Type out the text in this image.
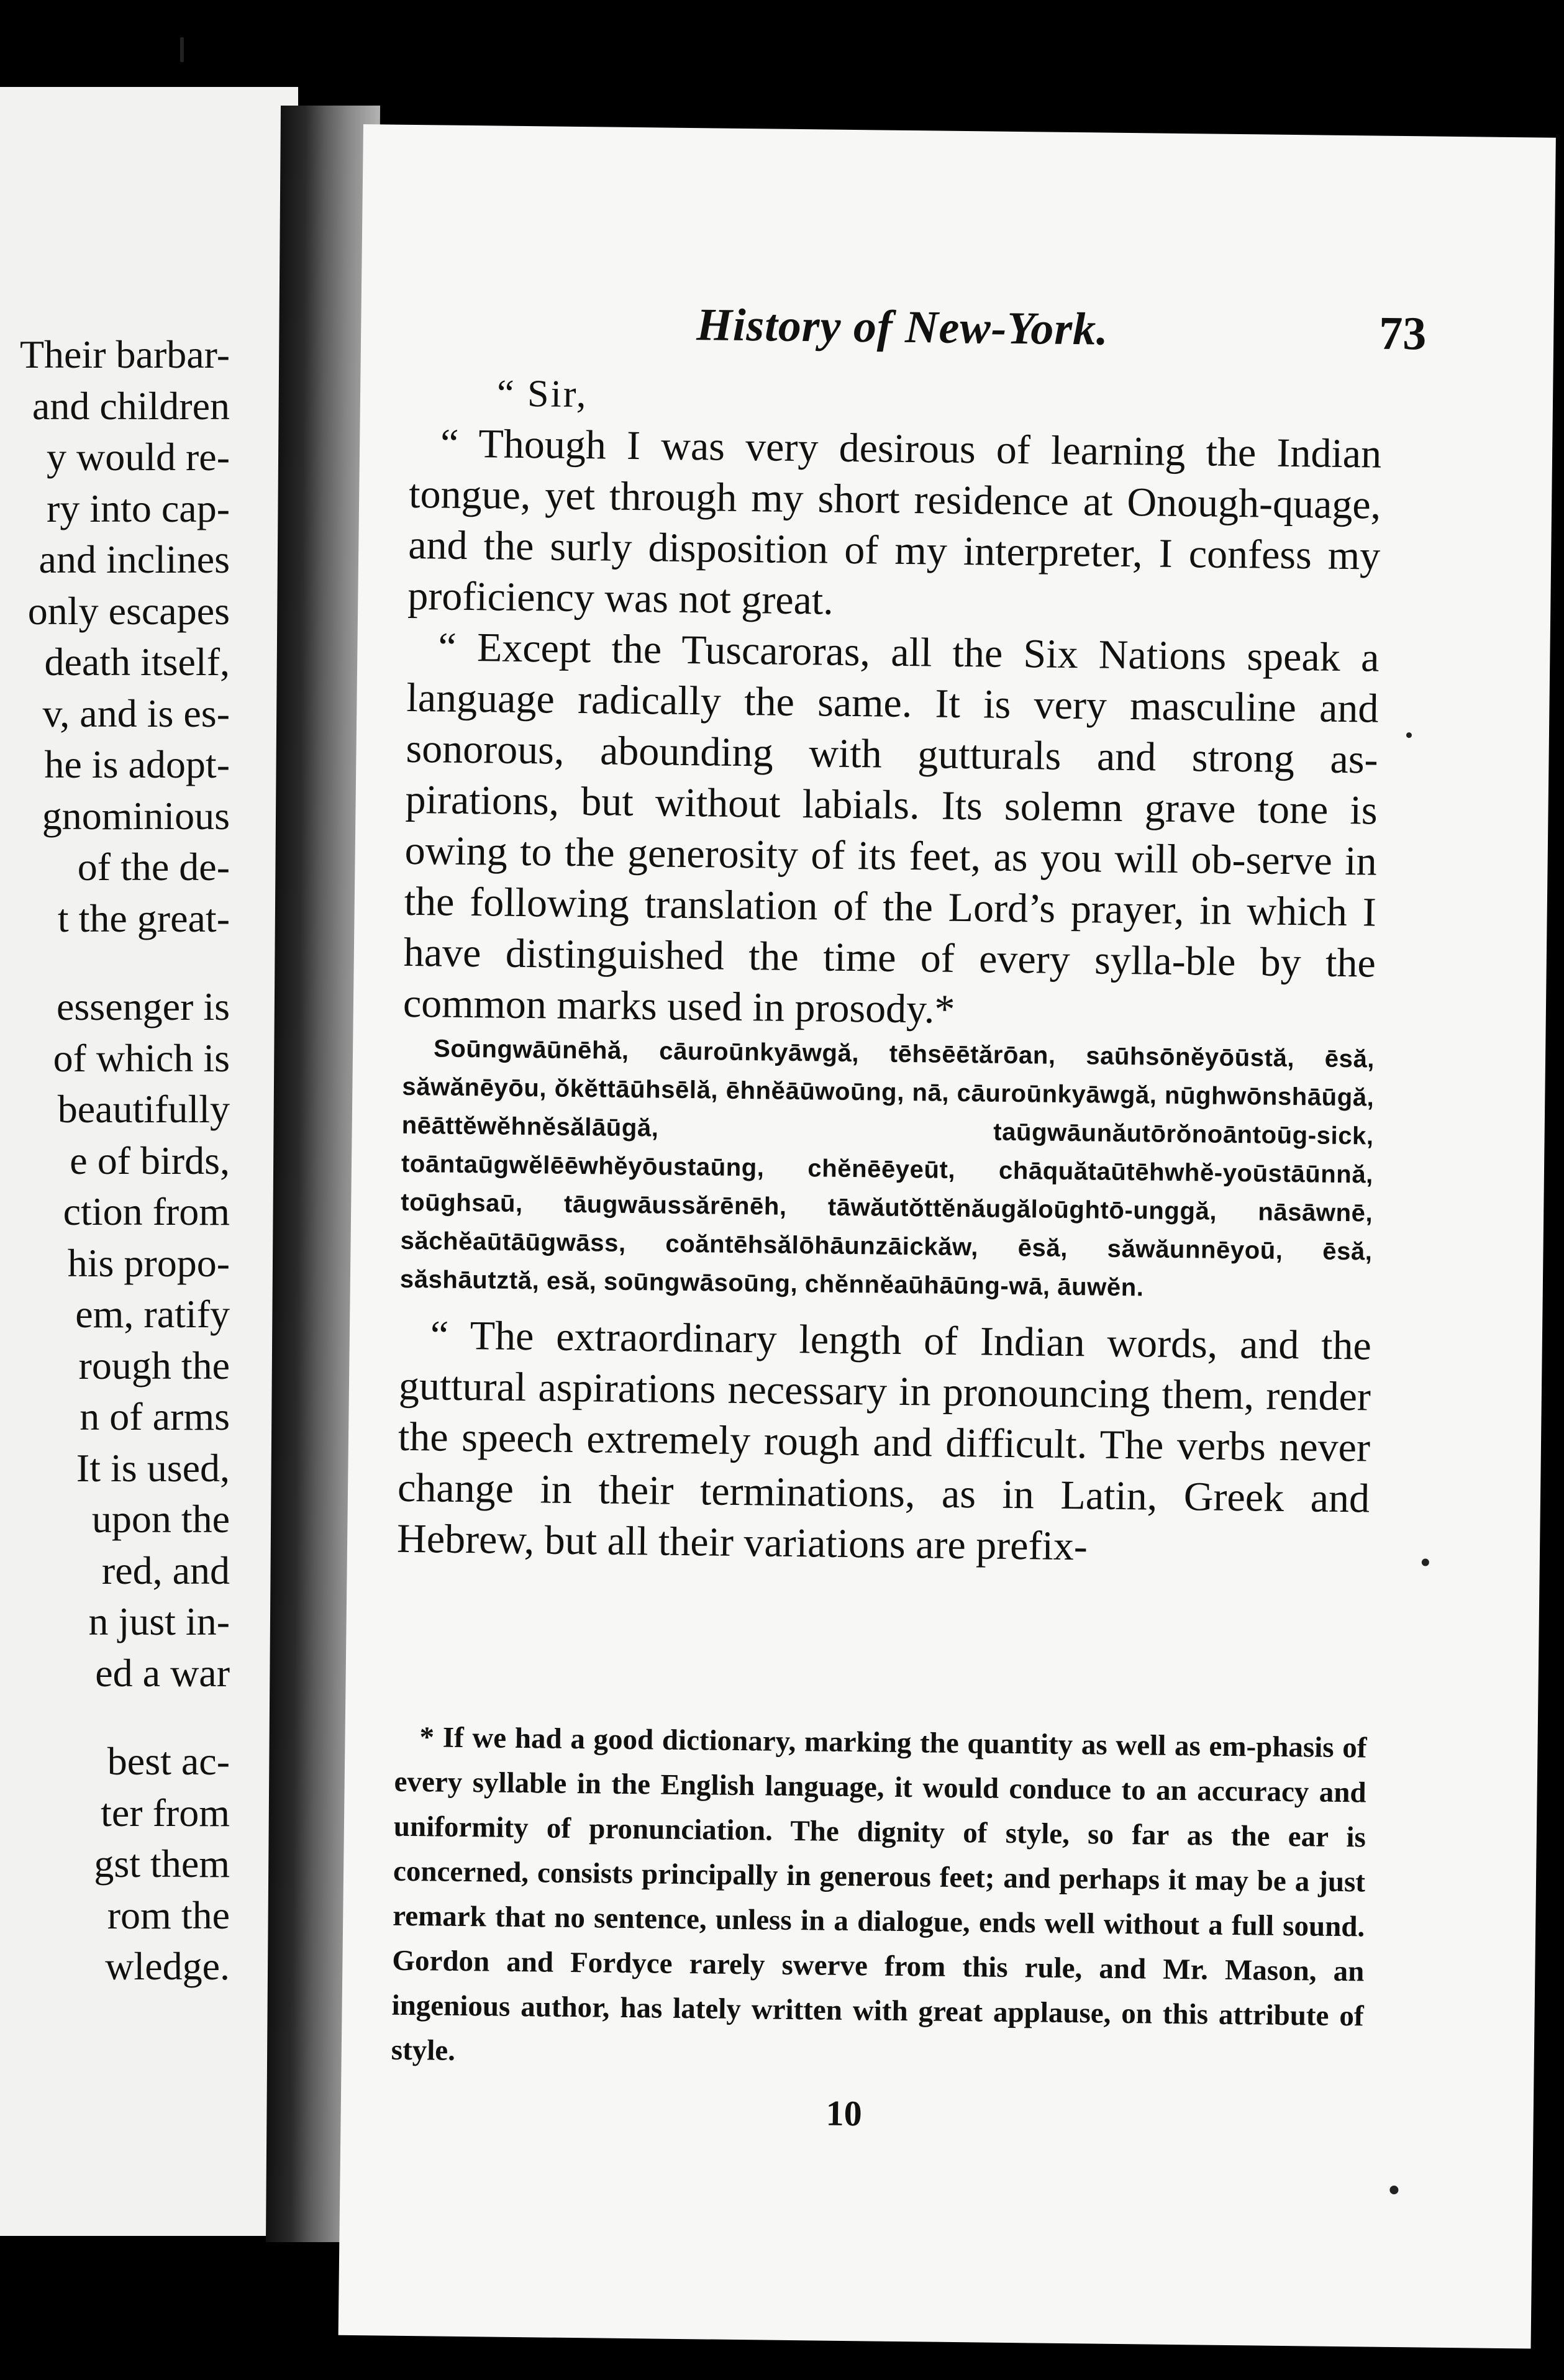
Their barbar-
and children
y would re-
ry into cap-
and inclines
only escapes
death itself,
v, and is es-
he is adopt-
gnominious
of the de-
t the great-
essenger is
of which is
beautifully
e of birds,
ction from
his propo-
em, ratify
rough the
n of arms
It is used,
upon the
red, and
n just in-
ed a war
best ac-
ter from
gst them
rom the
wledge.
History of New-York.	73
“ Sir,

“ Though I was very desirous of learning the Indian tongue, yet through my short residence at Onough-quage, and the surly disposition of my interpreter, I confess my proficiency was not great.

“ Except the Tuscaroras, all the Six Nations speak a language radically the same. It is very masculine and sonorous, abounding with gutturals and strong as-pirations, but without labials. Its solemn grave tone is owing to the generosity of its feet, as you will ob-serve in the following translation of the Lord’s prayer, in which I have distinguished the time of every sylla-ble by the common marks used in prosody.*

Soūngwāūnēhă, cāuroūnkyāwgă, tēhsēētărōan, saūhsōnĕyōūstă, ēsă, săwănēyōu, ŏkĕttāūhsēlă, ēhnĕāūwoūng, nā, cāuroūnkyāwgă, nūghwōnshāūgă, nēāttĕwĕhnĕsălāūgă, taūgwāunăutōrŏnoāntoūg-sick, toāntaūgwĕlēēwhĕyōustaūng, chĕnēēyeūt, chāquătaūtēhwhĕ-yoūstāūnnă, toūghsaū, tāugwāussărēnēh, tāwăutŏttĕnăugăloūghtō-unggă, nāsāwnē, săchĕaūtāūgwāss, coăntēhsălōhāunzāickăw, ēsă, săwăunnēyoū, ēsă, săshāutztă, esă, soūngwāsoūng, chĕnnĕaūhāūng-wā, āuwĕn.

“ The extraordinary length of Indian words, and the guttural aspirations necessary in pronouncing them, render the speech extremely rough and difficult. The verbs never change in their terminations, as in Latin, Greek and Hebrew, but all their variations are prefix-

* If we had a good dictionary, marking the quantity as well as em-phasis of every syllable in the English language, it would conduce to an accuracy and uniformity of pronunciation. The dignity of style, so far as the ear is concerned, consists principally in generous feet; and perhaps it may be a just remark that no sentence, unless in a dialogue, ends well without a full sound. Gordon and Fordyce rarely swerve from this rule, and Mr. Mason, an ingenious author, has lately written with great applause, on this attribute of style.

10
